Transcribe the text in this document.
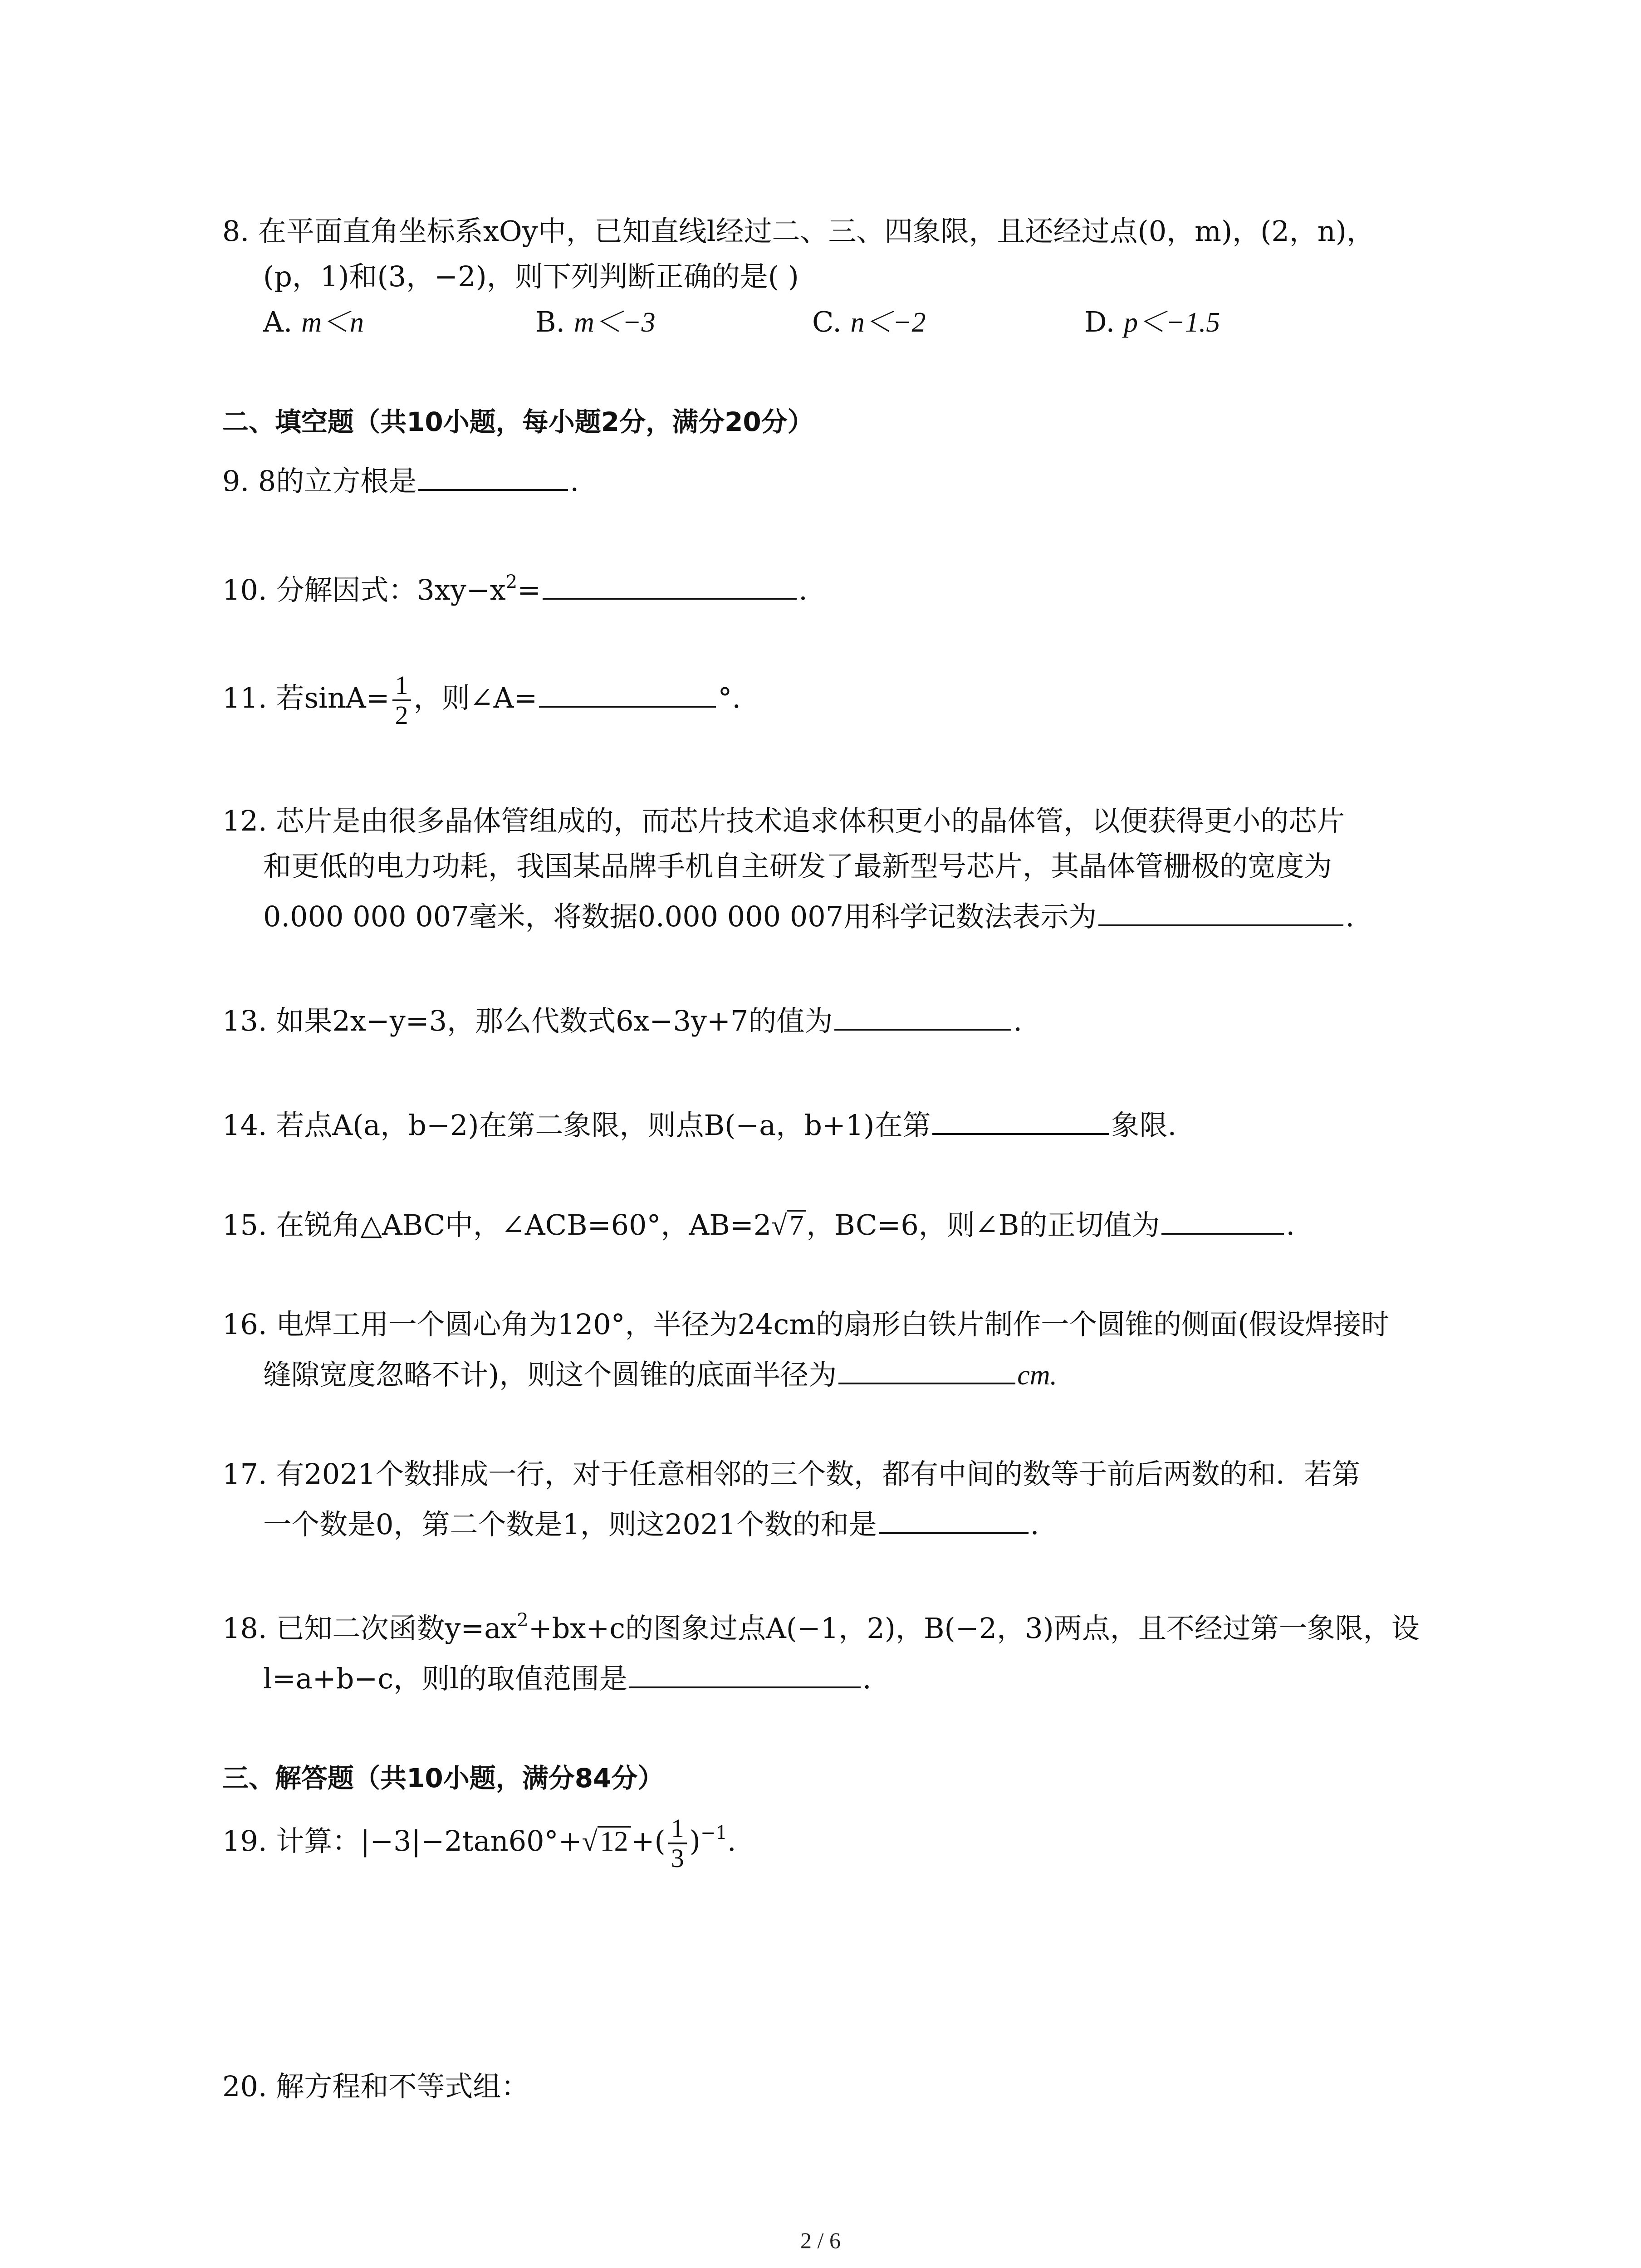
8. 在平面直角坐标系xOy中，已知直线l经过二、三、四象限，且还经过点(0，m)，(2，n)，
(p，1)和(3，−2)，则下列判断正确的是( )
A. m＜n	B. m＜−3	C. n＜−2	D. p＜−1.5
二、填空题（共10小题，每小题2分，满分20分）
9. 8的立方根是	.
10. 分解因式：$3xy-x^2=$	.
11. 若$\sin A= \frac{1}{2}$ ，则∠A=	°.
12. 芯片是由很多晶体管组成的，而芯片技术追求体积更小的晶体管，以便获得更小的芯片
和更低的电力功耗，我国某品牌手机自主研发了最新型号芯片，其晶体管栅极的宽度为
0.000 000 007毫米，将数据0.000 000 007用科学记数法表示为	.
13. 如果2x−y=3，那么代数式6x−3y+7的值为	.
14. 若点A(a，b−2)在第二象限，则点B(−a，b+1)在第	象限.
15. 在锐角△ABC中，∠ACB=60°，AB=2√7，BC=6，则∠B的正切值为	.
16. 电焊工用一个圆心角为120°，半径为24cm的扇形白铁片制作一个圆锥的侧面(假设焊接时
缝隙宽度忽略不计)，则这个圆锥的底面半径为	cm.
17. 有2021个数排成一行，对于任意相邻的三个数，都有中间的数等于前后两数的和．若第
一个数是0，第二个数是1，则这2021个数的和是	.
18. 已知二次函数$y=ax^2+bx+c$的图象过点A(−1，2)，B(−2，3)两点，且不经过第一象限，设
l=a+b−c，则l的取值范围是	.
三、解答题（共10小题，满分84分）
19. 计算：$|-3|-2\tan 60^\circ+√12+( \frac{1}{3} )^{-1}$.
20. 解方程和不等式组：
2 / 6
